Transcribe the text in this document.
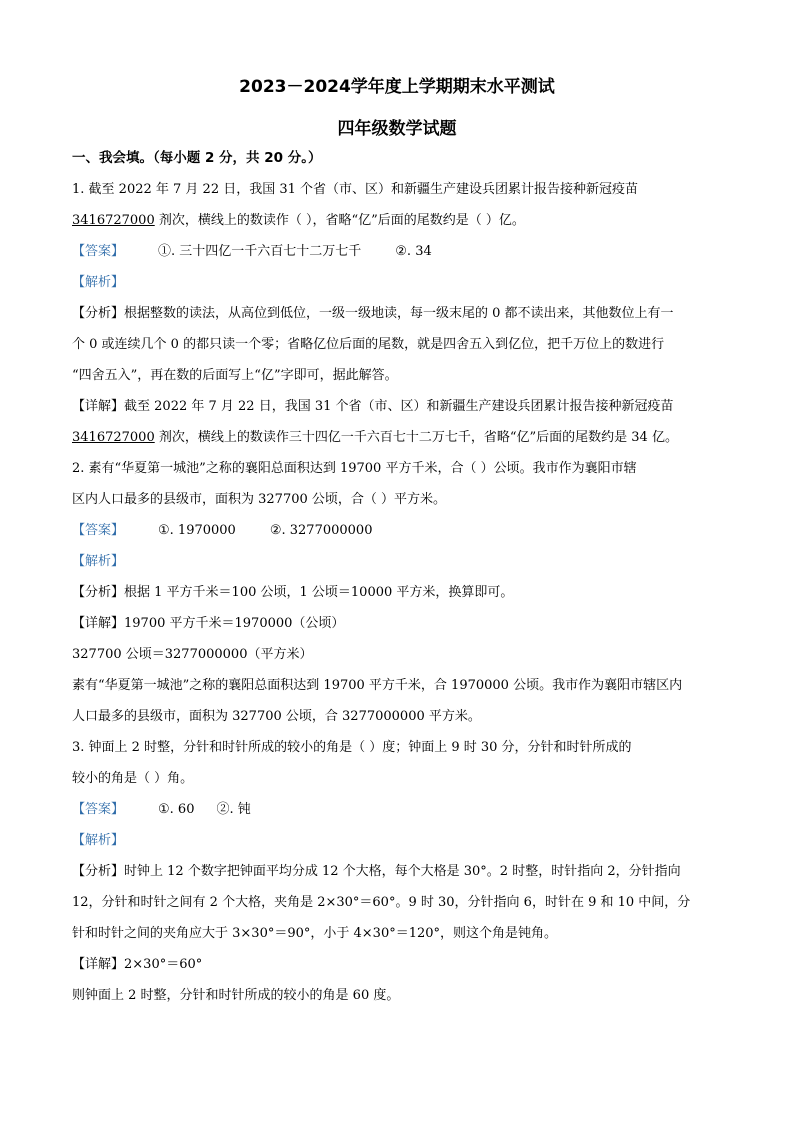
2023－2024学年度上学期期末水平测试
四年级数学试题
一、我会填。（每小题 2 分，共 20 分。）
1. 截至 2022 年 7 月 22 日，我国 31 个省（市、区）和新疆生产建设兵团累计报告接种新冠疫苗
3416727000 剂次，横线上的数读作（ ），省略“亿”后面的尾数约是（ ）亿。
【答案】	①. 三十四亿一千六百七十二万七千	②. 34
【解析】
【分析】根据整数的读法，从高位到低位，一级一级地读，每一级末尾的 0 都不读出来，其他数位上有一
个 0 或连续几个 0 的都只读一个零；省略亿位后面的尾数，就是四舍五入到亿位，把千万位上的数进行
“四舍五入”，再在数的后面写上“亿”字即可，据此解答。
【详解】截至 2022 年 7 月 22 日，我国 31 个省（市、区）和新疆生产建设兵团累计报告接种新冠疫苗
3416727000 剂次，横线上的数读作三十四亿一千六百七十二万七千，省略“亿”后面的尾数约是 34 亿。
2. 素有“华夏第一城池”之称的襄阳总面积达到 19700 平方千米，合（ ）公顷。我市作为襄阳市辖
区内人口最多的县级市，面积为 327700 公顷，合（ ）平方米。
【答案】	①. 1970000	②. 3277000000
【解析】
【分析】根据 1 平方千米＝100 公顷，1 公顷＝10000 平方米，换算即可。
【详解】19700 平方千米＝1970000（公顷）
327700 公顷＝3277000000（平方米）
素有“华夏第一城池”之称的襄阳总面积达到 19700 平方千米，合 1970000 公顷。我市作为襄阳市辖区内
人口最多的县级市，面积为 327700 公顷，合 3277000000 平方米。
3. 钟面上 2 时整，分针和时针所成的较小的角是（ ）度；钟面上 9 时 30 分，分针和时针所成的
较小的角是（ ）角。
【答案】	①. 60 ②. 钝
【解析】
【分析】时钟上 12 个数字把钟面平均分成 12 个大格，每个大格是 30°。2 时整，时针指向 2，分针指向
12，分针和时针之间有 2 个大格，夹角是 2×30°＝60°。9 时 30，分针指向 6，时针在 9 和 10 中间，分
针和时针之间的夹角应大于 3×30°＝90°，小于 4×30°＝120°，则这个角是钝角。
【详解】2×30°＝60°
则钟面上 2 时整，分针和时针所成的较小的角是 60 度。
